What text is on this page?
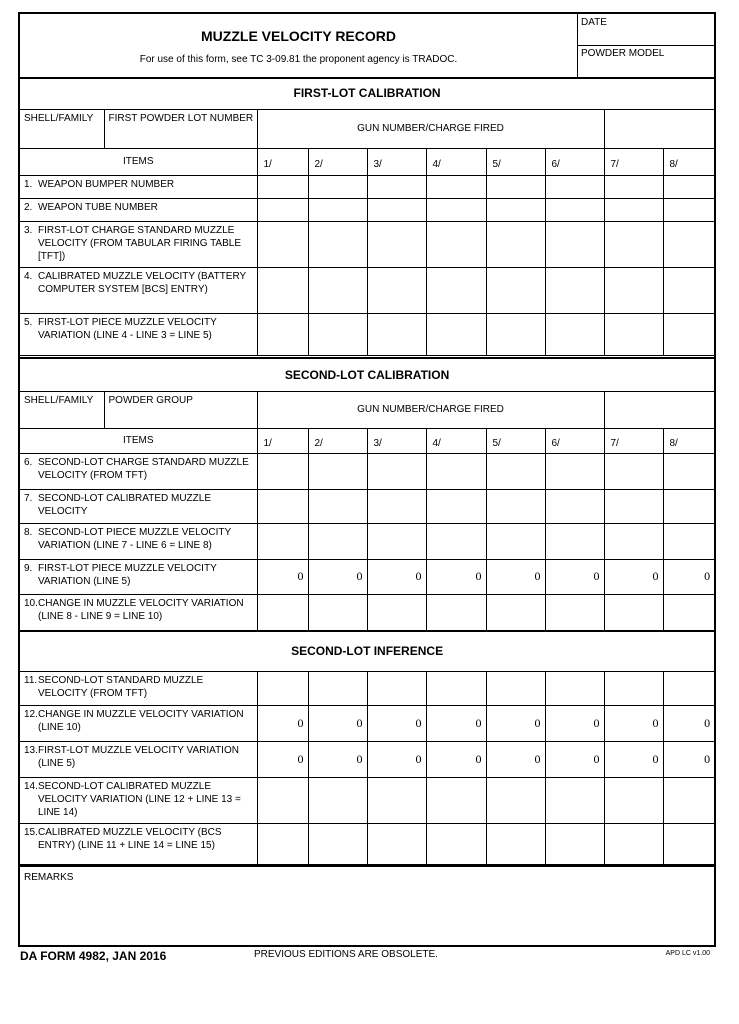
MUZZLE VELOCITY RECORD
For use of this form, see TC 3-09.81 the proponent agency is TRADOC.
DATE
POWDER MODEL
FIRST-LOT CALIBRATION									
SHELL/FAMILY	FIRST POWDER LOT NUMBER	GUN NUMBER/CHARGE FIRED							
ITEMS		1/	2/	3/	4/	5/	6/	7/	8/
1. WEAPON BUMPER NUMBER									
2. WEAPON TUBE NUMBER									
3. FIRST-LOT CHARGE STANDARD MUZZLE VELOCITY (FROM TABULAR FIRING TABLE [TFT])									
4. CALIBRATED MUZZLE VELOCITY (BATTERY COMPUTER SYSTEM [BCS] ENTRY)									
5. FIRST-LOT PIECE MUZZLE VELOCITY VARIATION (LINE 4 - LINE 3 = LINE 5)									
SECOND-LOT CALIBRATION									
SHELL/FAMILY	POWDER GROUP	GUN NUMBER/CHARGE FIRED							
ITEMS		1/	2/	3/	4/	5/	6/	7/	8/
6. SECOND-LOT CHARGE STANDARD MUZZLE VELOCITY (FROM TFT)									
7. SECOND-LOT CALIBRATED MUZZLE VELOCITY									
8. SECOND-LOT PIECE MUZZLE VELOCITY VARIATION (LINE 7 - LINE 6 = LINE 8)									
9. FIRST-LOT PIECE MUZZLE VELOCITY VARIATION (LINE 5)		0	0	0	0	0	0	0	0
10.CHANGE IN MUZZLE VELOCITY VARIATION (LINE 8 - LINE 9 = LINE 10)									
SECOND-LOT INFERENCE								
11.SECOND-LOT STANDARD MUZZLE VELOCITY (FROM TFT)								
12.CHANGE IN MUZZLE VELOCITY VARIATION (LINE 10)	0	0	0	0	0	0	0	0
13.FIRST-LOT MUZZLE VELOCITY VARIATION (LINE 5)	0	0	0	0	0	0	0	0
14.SECOND-LOT CALIBRATED MUZZLE VELOCITY VARIATION (LINE 12 + LINE 13 = LINE 14)								
15.CALIBRATED MUZZLE VELOCITY (BCS ENTRY) (LINE 11 + LINE 14 = LINE 15)								
REMARKS
DA FORM 4982, JAN 2016	PREVIOUS EDITIONS ARE OBSOLETE.	APD LC v1.00
